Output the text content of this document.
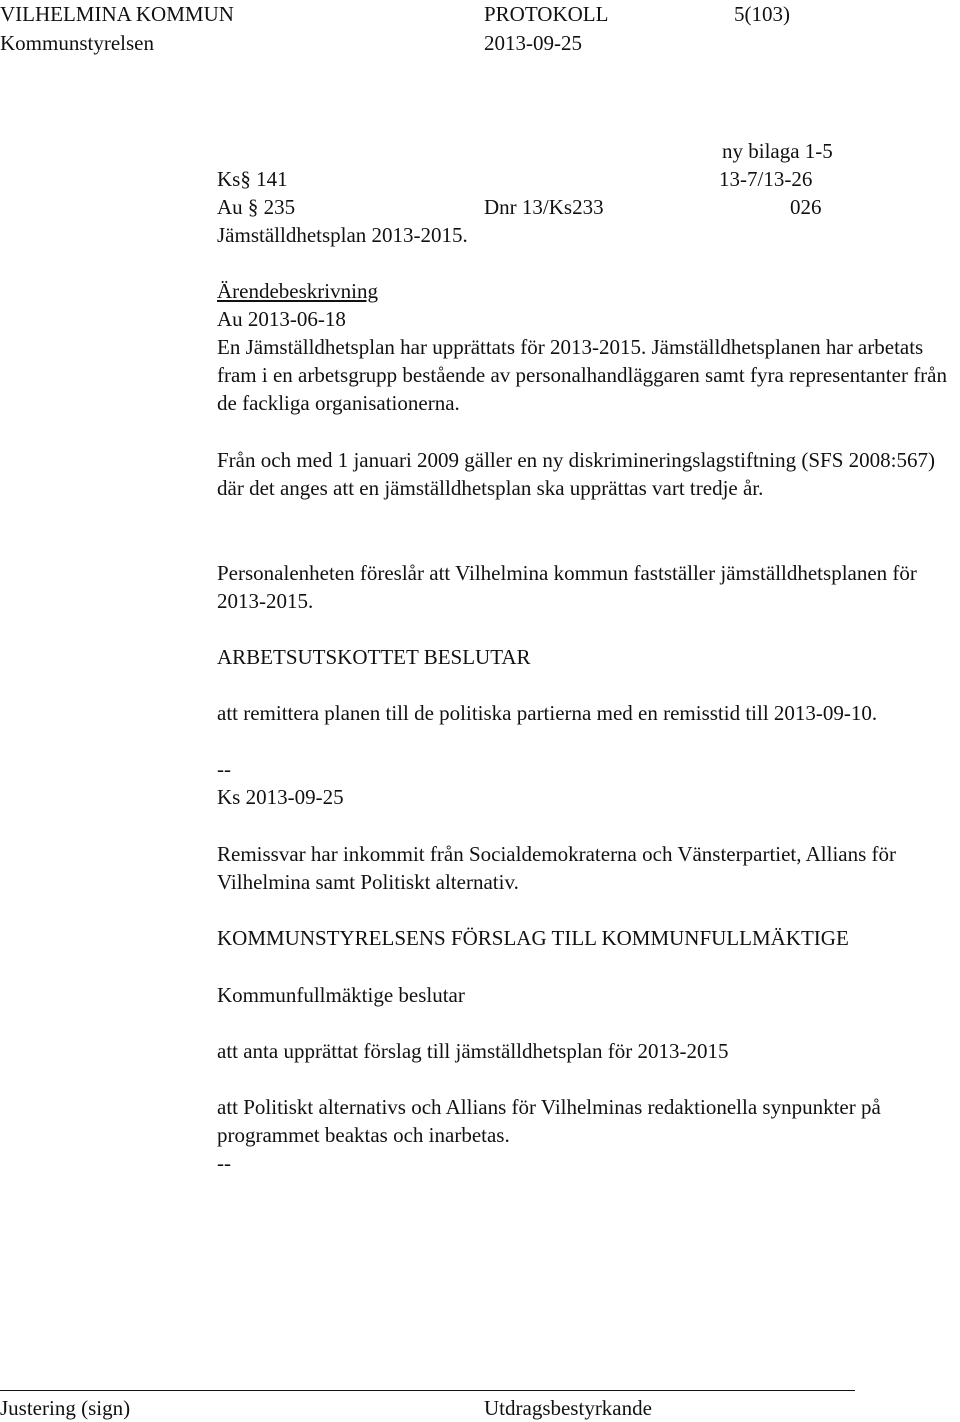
VILHELMINA KOMMUN	PROTOKOLL	5(103)
Kommunstyrelsen	2013-09-25
ny bilaga 1-5
Ks§ 141	13-7/13-26
Au § 235	Dnr 13/Ks233	026
Jämställdhetsplan 2013-2015.
Ärendebeskrivning
Au 2013-06-18
En Jämställdhetsplan har upprättats för 2013-2015. Jämställdhetsplanen har arbetats fram i en arbetsgrupp bestående av personalhandläggaren samt fyra representanter från de fackliga organisationerna.
Från och med 1 januari 2009 gäller en ny diskrimineringslagstiftning (SFS 2008:567) där det anges att en jämställdhetsplan ska upprättas vart tredje år.
Personalenheten föreslår att Vilhelmina kommun fastställer jämställdhetsplanen för 2013-2015.
ARBETSUTSKOTTET BESLUTAR
att remittera planen till de politiska partierna med en remisstid till 2013-09-10.
--
Ks 2013-09-25
Remissvar har inkommit från Socialdemokraterna och Vänsterpartiet, Allians för Vilhelmina samt Politiskt alternativ.
KOMMUNSTYRELSENS FÖRSLAG TILL KOMMUNFULLMÄKTIGE
Kommunfullmäktige beslutar
att anta upprättat förslag till jämställdhetsplan för 2013-2015
att Politiskt alternativs och Allians för Vilhelminas redaktionella synpunkter på programmet beaktas och inarbetas.
--
Justering (sign)	Utdragsbestyrkande
